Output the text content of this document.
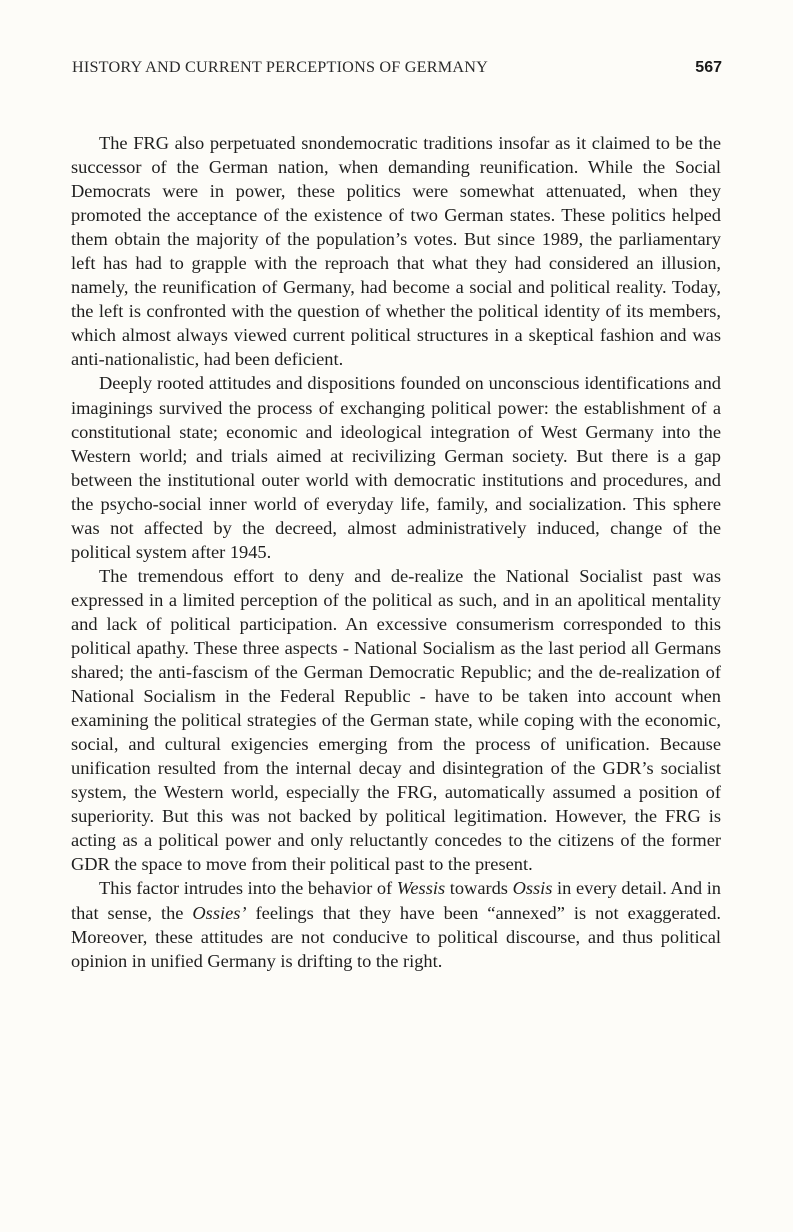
HISTORY AND CURRENT PERCEPTIONS OF GERMANY	567

The FRG also perpetuated snondemocratic traditions insofar as it claimed to be the successor of the German nation, when demanding reunification. While the Social Democrats were in power, these politics were somewhat attenuated, when they promoted the acceptance of the existence of two German states. These politics helped them obtain the majority of the population’s votes. But since 1989, the parliamentary left has had to grapple with the reproach that what they had considered an illusion, namely, the reunification of Germany, had become a social and political reality. Today, the left is confronted with the question of whether the political identity of its members, which almost always viewed current political structures in a skeptical fashion and was anti-nationalistic, had been deficient.

Deeply rooted attitudes and dispositions founded on unconscious identifications and imaginings survived the process of exchanging political power: the establishment of a constitutional state; economic and ideological integration of West Germany into the Western world; and trials aimed at recivilizing German society. But there is a gap between the institutional outer world with democratic institutions and procedures, and the psycho-social inner world of everyday life, family, and socialization. This sphere was not affected by the decreed, almost administratively induced, change of the political system after 1945.

The tremendous effort to deny and de-realize the National Socialist past was expressed in a limited perception of the political as such, and in an apolitical mentality and lack of political participation. An excessive consumerism corresponded to this political apathy. These three aspects - National Socialism as the last period all Germans shared; the anti-fascism of the German Democratic Republic; and the de-realization of National Socialism in the Federal Republic - have to be taken into account when examining the political strategies of the German state, while coping with the economic, social, and cultural exigencies emerging from the process of unification. Because unification resulted from the internal decay and disintegration of the GDR’s socialist system, the Western world, especially the FRG, automatically assumed a position of superiority. But this was not backed by political legitimation. However, the FRG is acting as a political power and only reluctantly concedes to the citizens of the former GDR the space to move from their political past to the present.

This factor intrudes into the behavior of Wessis towards Ossis in every detail. And in that sense, the Ossies’ feelings that they have been “annexed” is not exaggerated. Moreover, these attitudes are not conducive to political discourse, and thus political opinion in unified Germany is drifting to the right.
